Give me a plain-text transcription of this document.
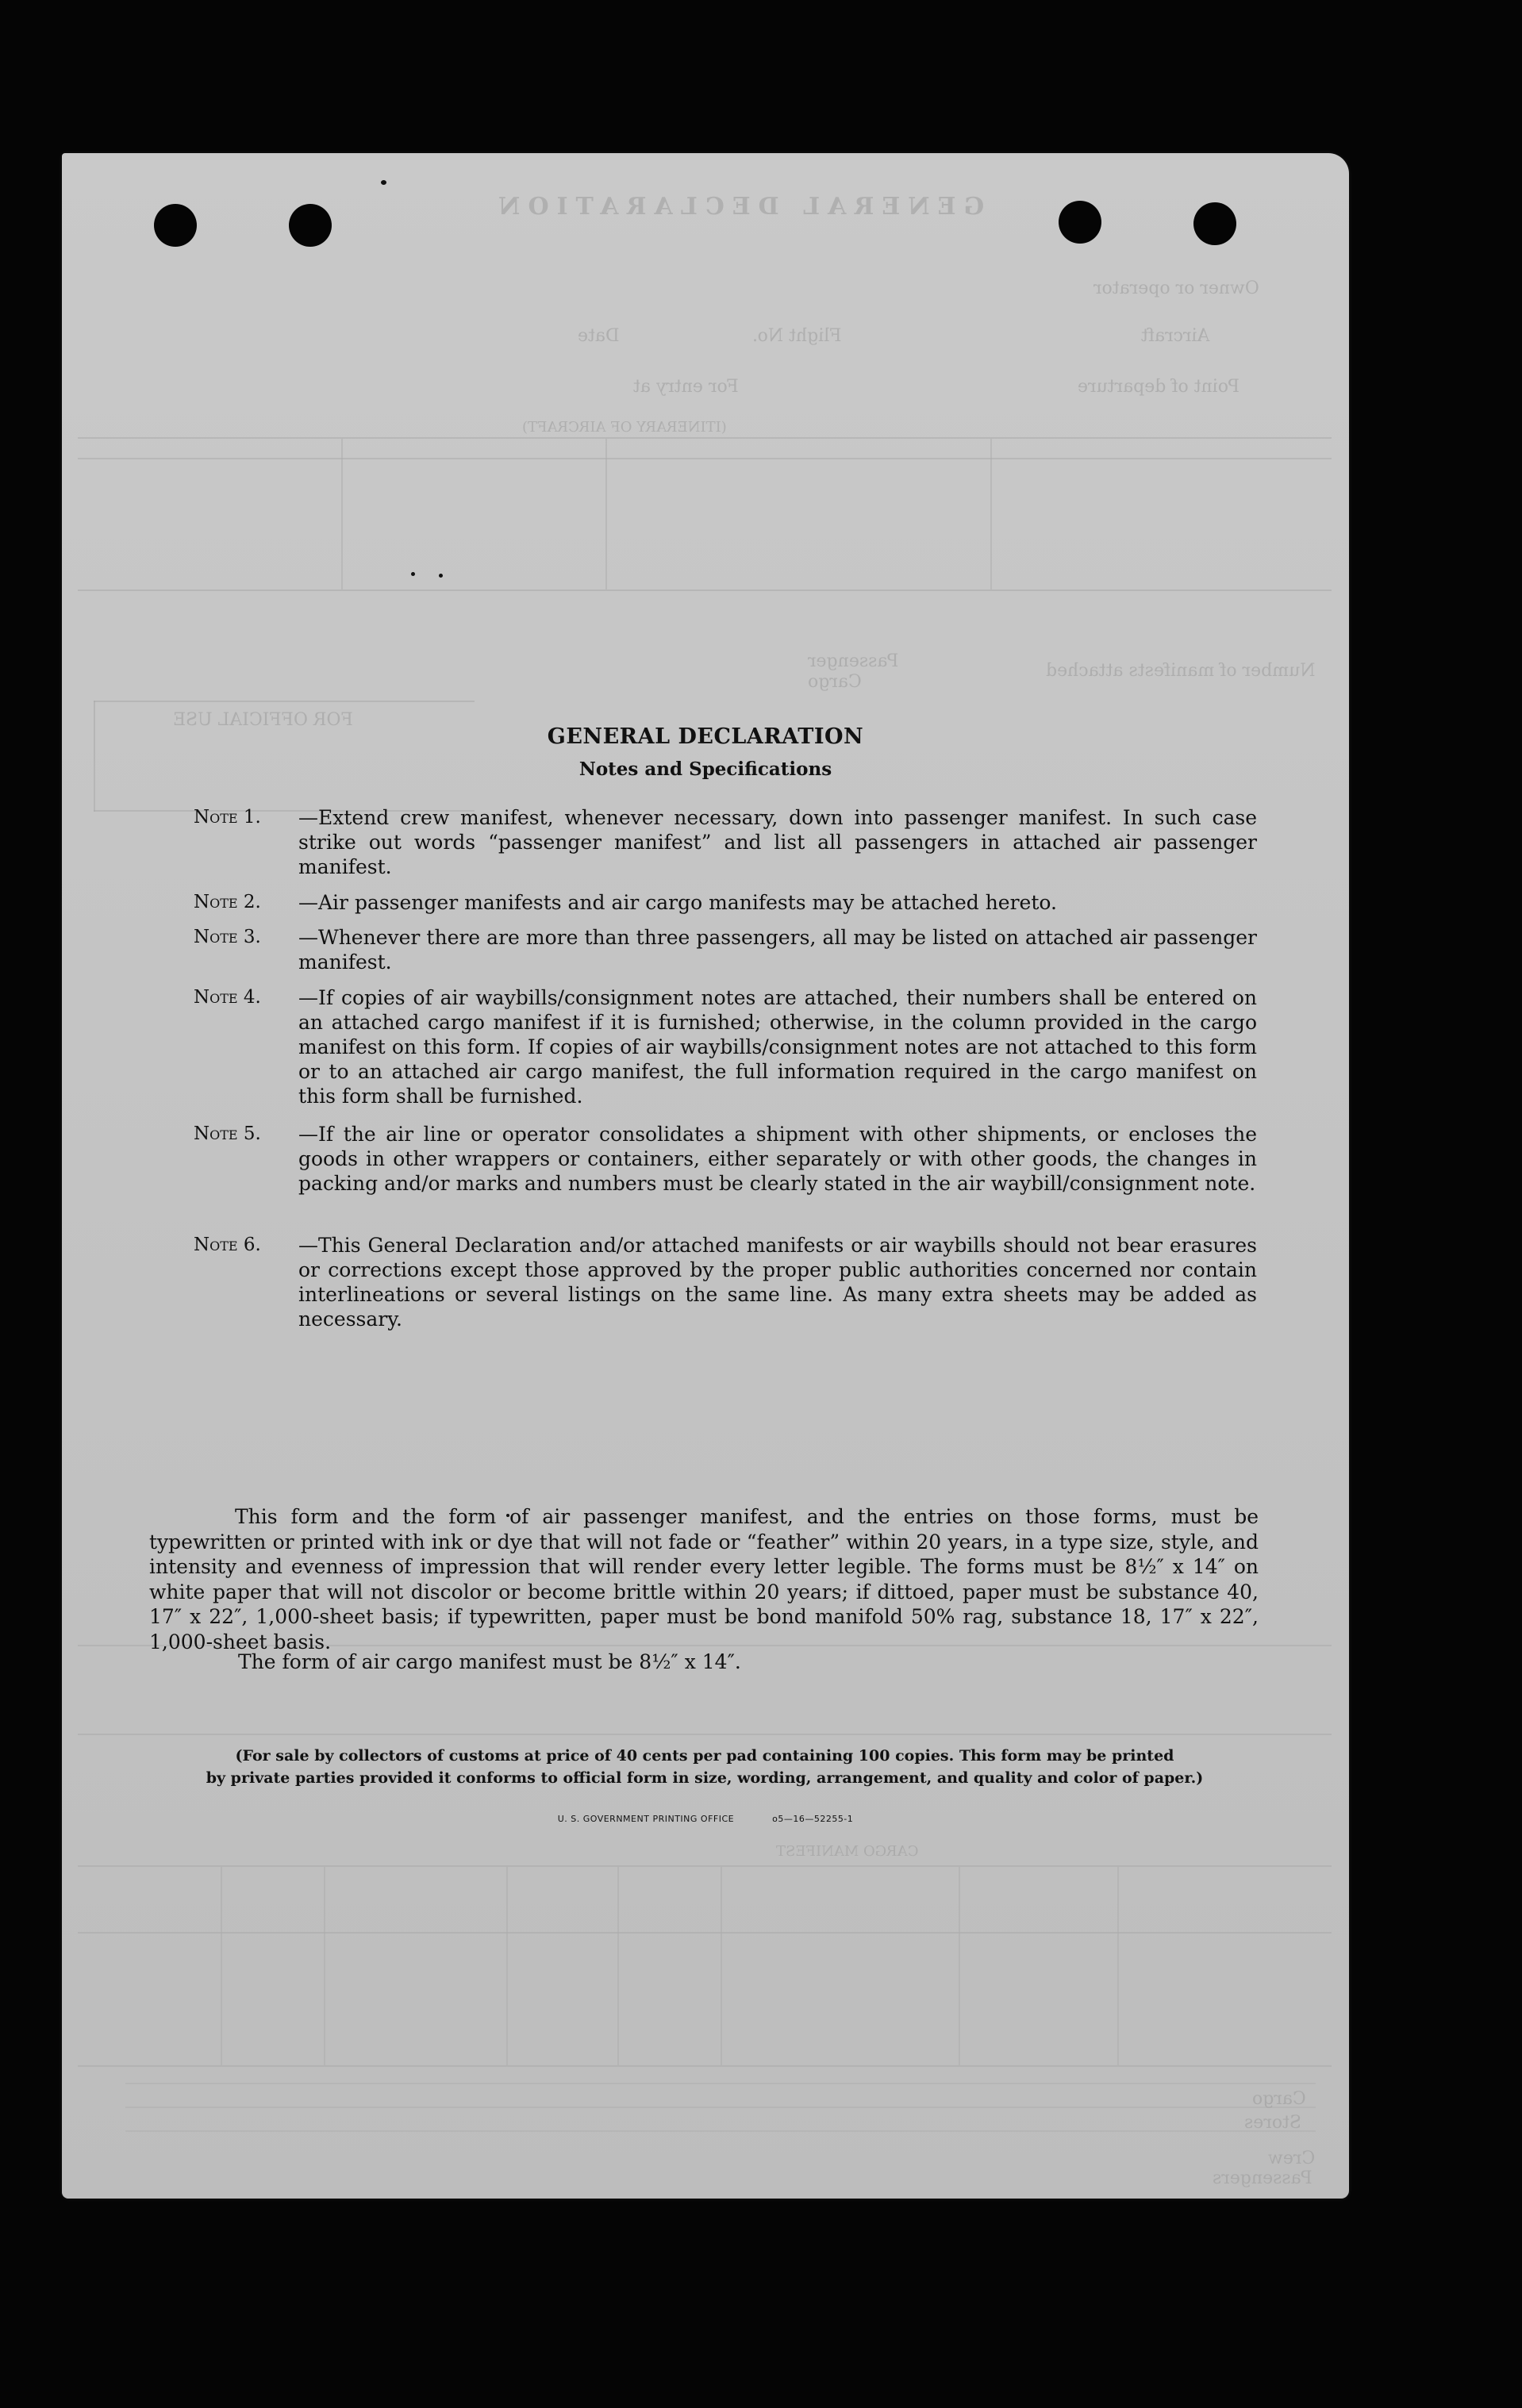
GENERAL DECLARATION
Owner or operator
Aircraft
Flight No.
Date
Point of departure
For entry at
(ITINERARY OF AIRCRAFT)
Number of manifests attached
Passenger
Cargo
FOR OFFICIAL USE
CARGO MANIFEST
Crew
Passengers
Cargo
Stores
GENERAL DECLARATION
Notes and Specifications
Note 1.	—Extend crew manifest, whenever necessary, down into passenger manifest. In such case strike out words “passenger manifest” and list all passengers in attached air passenger manifest.
Note 2.	—Air passenger manifests and air cargo manifests may be attached hereto.
Note 3.	—Whenever there are more than three passengers, all may be listed on attached air passenger manifest.
Note 4.	—If copies of air waybills/consignment notes are attached, their numbers shall be entered on an attached cargo manifest if it is furnished; otherwise, in the column provided in the cargo manifest on this form. If copies of air waybills/consignment notes are not attached to this form or to an attached air cargo manifest, the full information required in the cargo manifest on this form shall be furnished.
Note 5.	—If the air line or operator consolidates a shipment with other shipments, or encloses the goods in other wrappers or containers, either separately or with other goods, the changes in packing and/or marks and numbers must be clearly stated in the air waybill/consignment note.
Note 6.	—This General Declaration and/or attached manifests or air waybills should not bear erasures or corrections except those approved by the proper public authorities concerned nor contain interlineations or several listings on the same line. As many extra sheets may be added as necessary.
This form and the form of air passenger manifest, and the entries on those forms, must be typewritten or printed with ink or dye that will not fade or “feather” within 20 years, in a type size, style, and intensity and evenness of impression that will render every letter legible. The forms must be 8½″ x 14″ on white paper that will not discolor or become brittle within 20 years; if dittoed, paper must be substance 40, 17″ x 22″, 1,000-sheet basis; if typewritten, paper must be bond manifold 50% rag, substance 18, 17″ x 22″, 1,000-sheet basis.
The form of air cargo manifest must be 8½″ x 14″.
(For sale by collectors of customs at price of 40 cents per pad containing 100 copies. This form may be printed
by private parties provided it conforms to official form in size, wording, arrangement, and quality and color of paper.)
U. S. GOVERNMENT PRINTING OFFICE	o5—16—52255-1
